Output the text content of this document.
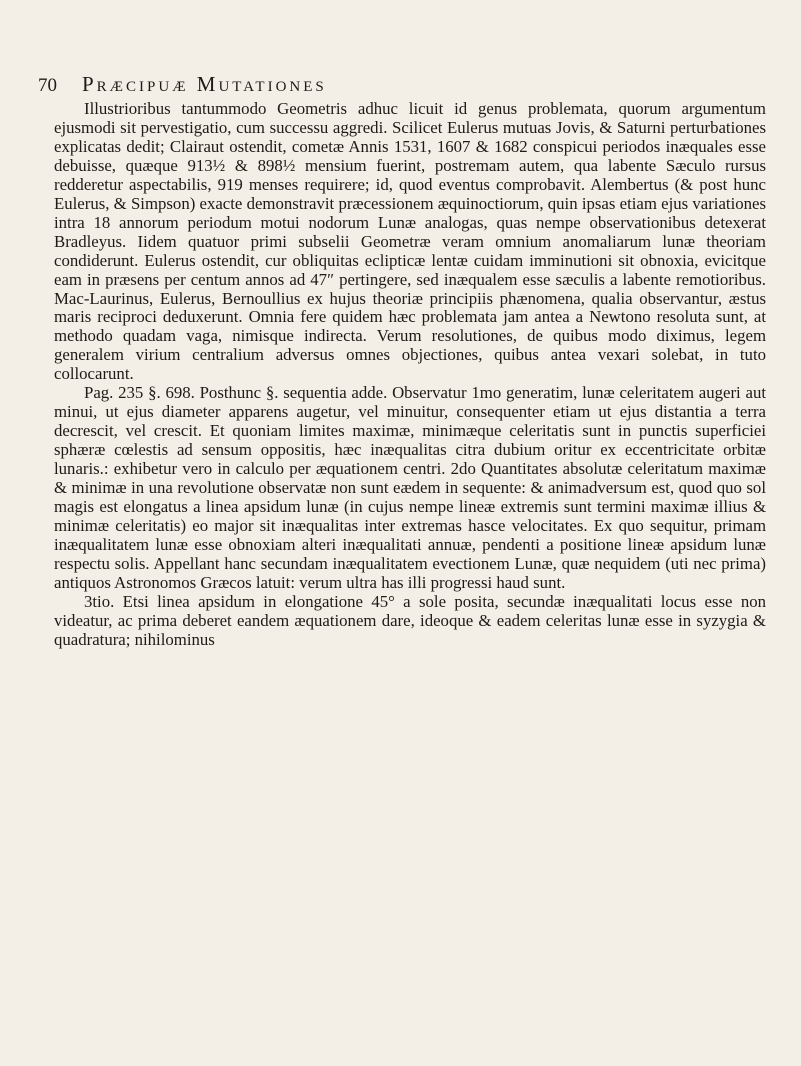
70	Præcipuæ Mutationes

Illustrioribus tantummodo Geometris adhuc licuit id genus problemata, quorum argumentum ejusmodi sit pervestigatio, cum successu aggredi. Scilicet Eulerus mutuas Jovis, & Saturni perturbationes explicatas dedit; Clairaut ostendit, cometæ Annis 1531, 1607 & 1682 conspicui periodos inæquales esse debuisse, quæque 913½ & 898½ mensium fuerint, postremam autem, qua labente Sæculo rursus redderetur aspectabilis, 919 menses requirere; id, quod eventus comprobavit. Alembertus (& post hunc Eulerus, & Simpson) exacte demonstravit præcessionem æquinoctiorum, quin ipsas etiam ejus variationes intra 18 annorum periodum motui nodorum Lunæ analogas, quas nempe observationibus detexerat Bradleyus. Iidem quatuor primi subselii Geometræ veram omnium anomaliarum lunæ theoriam condiderunt. Eulerus ostendit, cur obliquitas eclipticæ lentæ cuidam imminutioni sit obnoxia, evicitque eam in præsens per centum annos ad 47″ pertingere, sed inæqualem esse sæculis a labente remotioribus. Mac-Laurinus, Eulerus, Bernoullius ex hujus theoriæ principiis phænomena, qualia observantur, æstus maris reciproci deduxerunt. Omnia fere quidem hæc problemata jam antea a Newtono resoluta sunt, at methodo quadam vaga, nimisque indirecta. Verum resolutiones, de quibus modo diximus, legem generalem virium centralium adversus omnes objectiones, quibus antea vexari solebat, in tuto collocarunt.

Pag. 235 §. 698. Posthunc §. sequentia adde. Observatur 1mo generatim, lunæ celeritatem augeri aut minui, ut ejus diameter apparens augetur, vel minuitur, consequenter etiam ut ejus distantia a terra decrescit, vel crescit. Et quoniam limites maximæ, minimæque celeritatis sunt in punctis superficiei sphæræ cœlestis ad sensum oppositis, hæc inæqualitas citra dubium oritur ex eccentricitate orbitæ lunaris.: exhibetur vero in calculo per æquationem centri. 2do Quantitates absolutæ celeritatum maximæ & minimæ in una revolutione observatæ non sunt eædem in sequente: & animadversum est, quod quo sol magis est elongatus a linea apsidum lunæ (in cujus nempe lineæ extremis sunt termini maximæ illius & minimæ celeritatis) eo major sit inæqualitas inter extremas hasce velocitates. Ex quo sequitur, primam inæqualitatem lunæ esse obnoxiam alteri inæqualitati annuæ, pendenti a positione lineæ apsidum lunæ respectu solis. Appellant hanc secundam inæqualitatem evectionem Lunæ, quæ nequidem (uti nec prima) antiquos Astronomos Græcos latuit: verum ultra has illi progressi haud sunt.

3tio. Etsi linea apsidum in elongatione 45° a sole posita, secundæ inæqualitati locus esse non videatur, ac prima deberet eandem æquationem dare, ideoque & eadem celeritas lunæ esse in syzygia & quadratura; nihilominus
